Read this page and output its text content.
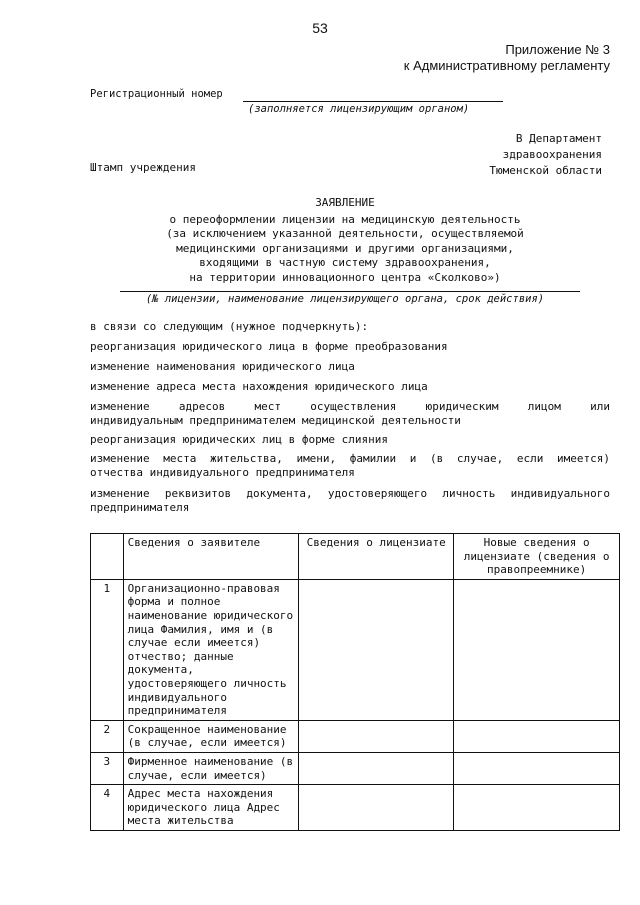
53
Приложение № 3
к Административному регламенту
Регистрационный номер
(заполняется лицензирующим органом)
В Департамент
здравоохранения
Тюменской области
Штамп учреждения
ЗАЯВЛЕНИЕ
о переоформлении лицензии на медицинскую деятельность
(за исключением указанной деятельности, осуществляемой
медицинскими организациями и другими организациями,
входящими в частную систему здравоохранения,
на территории инновационного центра «Сколково»)
(№ лицензии, наименование лицензирующего органа, срок действия)
в связи со следующим (нужное подчеркнуть):
реорганизация юридического лица в форме преобразования
изменение наименования юридического лица
изменение адреса места нахождения юридического лица
изменение адресов мест осуществления юридическим лицом или
индивидуальным предпринимателем медицинской деятельности
реорганизация юридических лиц в форме слияния
изменение места жительства, имени, фамилии и (в случае, если имеется)
отчества индивидуального предпринимателя
изменение реквизитов документа, удостоверяющего личность индивидуального
предпринимателя
	Сведения о заявителе	Сведения о лицензиате	Новые сведения о лицензиате (сведения о правопреемнике)
1	Организационно-правовая форма и полное наименование юридического лица Фамилия, имя и (в случае если имеется) отчество; данные документа, удостоверяющего личность индивидуального предпринимателя		
2	Сокращенное наименование (в случае, если имеется)		
3	Фирменное наименование (в случае, если имеется)		
4	Адрес места нахождения юридического лица Адрес места жительства		
